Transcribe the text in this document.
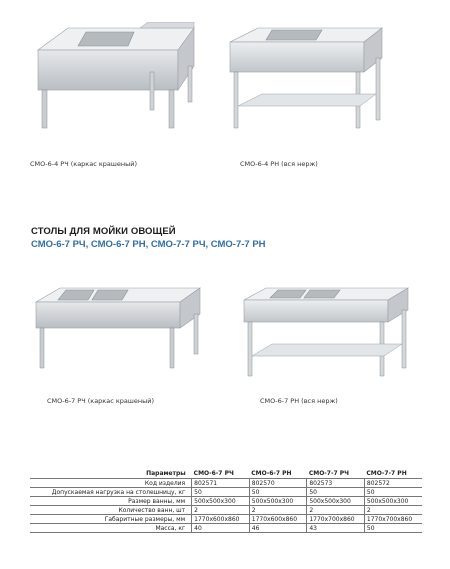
СМО-6-4 РЧ (каркас крашеный)	СМО-6-4 РН (вся нерж)
СТОЛЫ ДЛЯ МОЙКИ ОВОЩЕЙ
СМО-6-7 РЧ, СМО-6-7 РН, СМО-7-7 РЧ, СМО-7-7 РН
СМО-6-7 РЧ (каркас крашеный)	СМО-6-7 РН (вся нерж)
Параметры	СМО-6-7 РЧ	СМО-6-7 РН	СМО-7-7 РЧ	СМО-7-7 РН
Код изделия	802571	802570	802573	802572
Допускаемая нагрузка на столешницу, кг	50	50	50	50
Размер ванны, мм	500х500х300	500х500х300	500х500х300	500х500х300
Количество ванн, шт	2	2	2	2
Габаритные размеры, мм	1770х600х860	1770х600х860	1770х700х860	1770х700х860
Масса, кг	40	46	43	50
